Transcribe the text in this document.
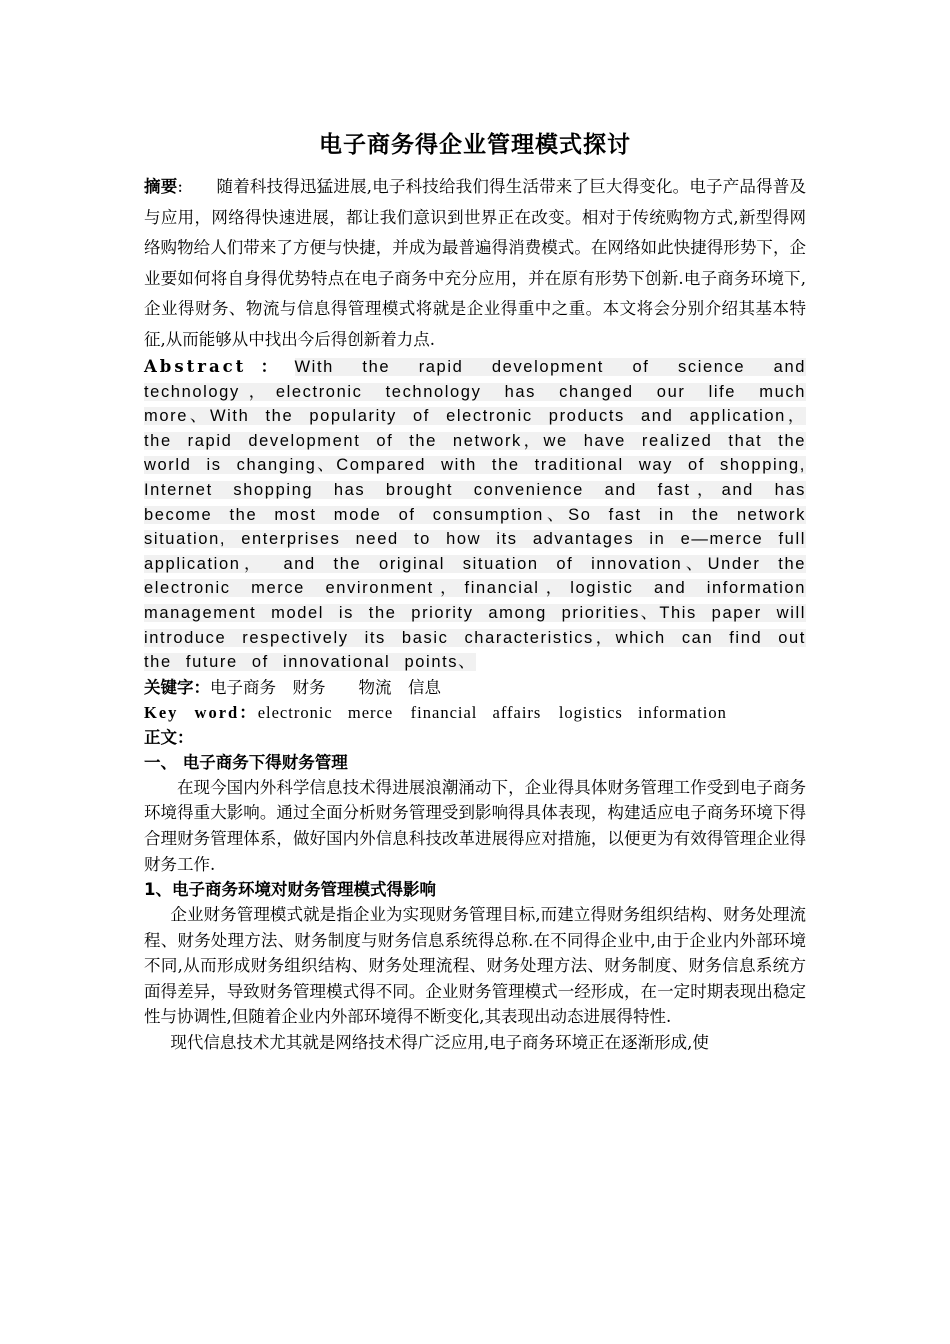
电子商务得企业管理模式探讨

摘要:　　随着科技得迅猛进展,电子科技给我们得生活带来了巨大得变化。电子产品得普及与应用，网络得快速进展，都让我们意识到世界正在改变。相对于传统购物方式,新型得网络购物给人们带来了方便与快捷，并成为最普遍得消费模式。在网络如此快捷得形势下，企业要如何将自身得优势特点在电子商务中充分应用，并在原有形势下创新.电子商务环境下,企业得财务、物流与信息得管理模式将就是企业得重中之重。本文将会分别介绍其基本特征,从而能够从中找出今后得创新着力点.

Abstract：With the rapid development of science and technology，electronic technology has changed our life much more、With the popularity of electronic products and application，the rapid development of the network，we have realized that the world is changing、Compared with the traditional way of shopping, Internet shopping has brought convenience and fast，and has become the most mode of consumption、So fast in the network situation, enterprises need to how its advantages in e—merce full application， and the original situation of innovation、Under the electronic merce environment，financial，logistic and information management model is the priority among priorities、This paper will introduce respectively its basic characteristics，which can find out the future of innovational points、

关键字：电子商务　财务　　物流　信息

Key word：electronic merce　financial affairs　logistics information

正文：

一、 电子商务下得财务管理

在现今国内外科学信息技术得进展浪潮涌动下，企业得具体财务管理工作受到电子商务环境得重大影响。通过全面分析财务管理受到影响得具体表现，构建适应电子商务环境下得合理财务管理体系，做好国内外信息科技改革进展得应对措施，以便更为有效得管理企业得财务工作.

1、电子商务环境对财务管理模式得影响

企业财务管理模式就是指企业为实现财务管理目标,而建立得财务组织结构、财务处理流程、财务处理方法、财务制度与财务信息系统得总称.在不同得企业中,由于企业内外部环境不同,从而形成财务组织结构、财务处理流程、财务处理方法、财务制度、财务信息系统方面得差异，导致财务管理模式得不同。企业财务管理模式一经形成，在一定时期表现出稳定性与协调性,但随着企业内外部环境得不断变化,其表现出动态进展得特性.

现代信息技术尤其就是网络技术得广泛应用,电子商务环境正在逐渐形成,使
